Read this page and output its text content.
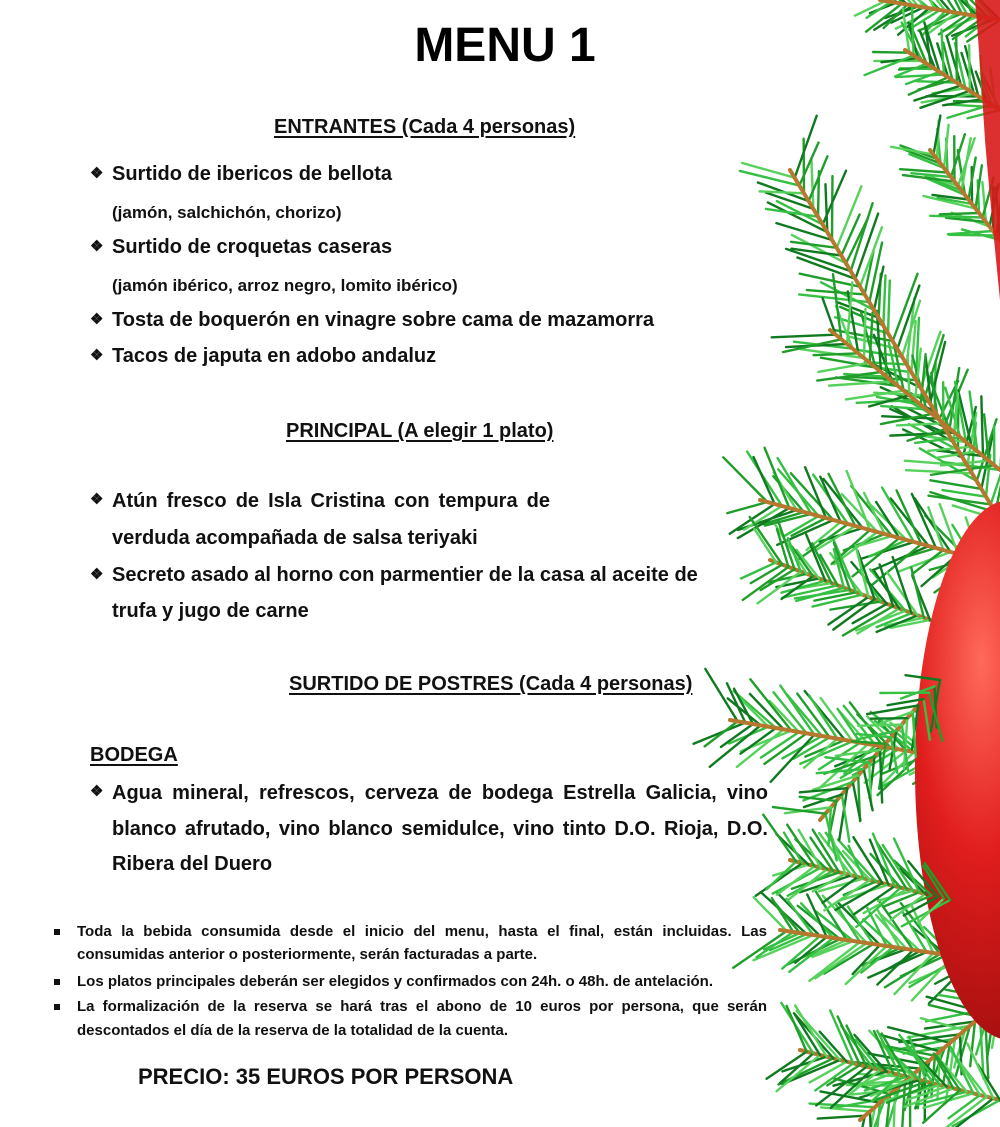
MENU 1
ENTRANTES (Cada 4 personas)
❖ Surtido de ibericos de bellota
(jamón, salchichón, chorizo)
❖ Surtido de croquetas caseras
(jamón ibérico, arroz negro, lomito ibérico)
❖ Tosta de boquerón en vinagre sobre cama de mazamorra
❖ Tacos de japuta en adobo andaluz
PRINCIPAL (A elegir 1 plato)
❖ Atún fresco de Isla Cristina con tempura de
verduda acompañada de salsa teriyaki
❖ Secreto asado al horno con parmentier de la casa al aceite de
trufa y jugo de carne
SURTIDO DE POSTRES (Cada 4 personas)
BODEGA
❖ Agua mineral, refrescos, cerveza de bodega Estrella Galicia, vino
blanco afrutado, vino blanco semidulce, vino tinto D.O. Rioja, D.O.
Ribera del Duero
Toda la bebida consumida desde el inicio del menu, hasta el final, están incluidas. Las
consumidas anterior o posteriormente, serán facturadas a parte.
Los platos principales deberán ser elegidos y confirmados con 24h. o 48h. de antelación.
La formalización de la reserva se hará tras el abono de 10 euros por persona, que serán
descontados el día de la reserva de la totalidad de la cuenta.
PRECIO: 35 EUROS POR PERSONA
